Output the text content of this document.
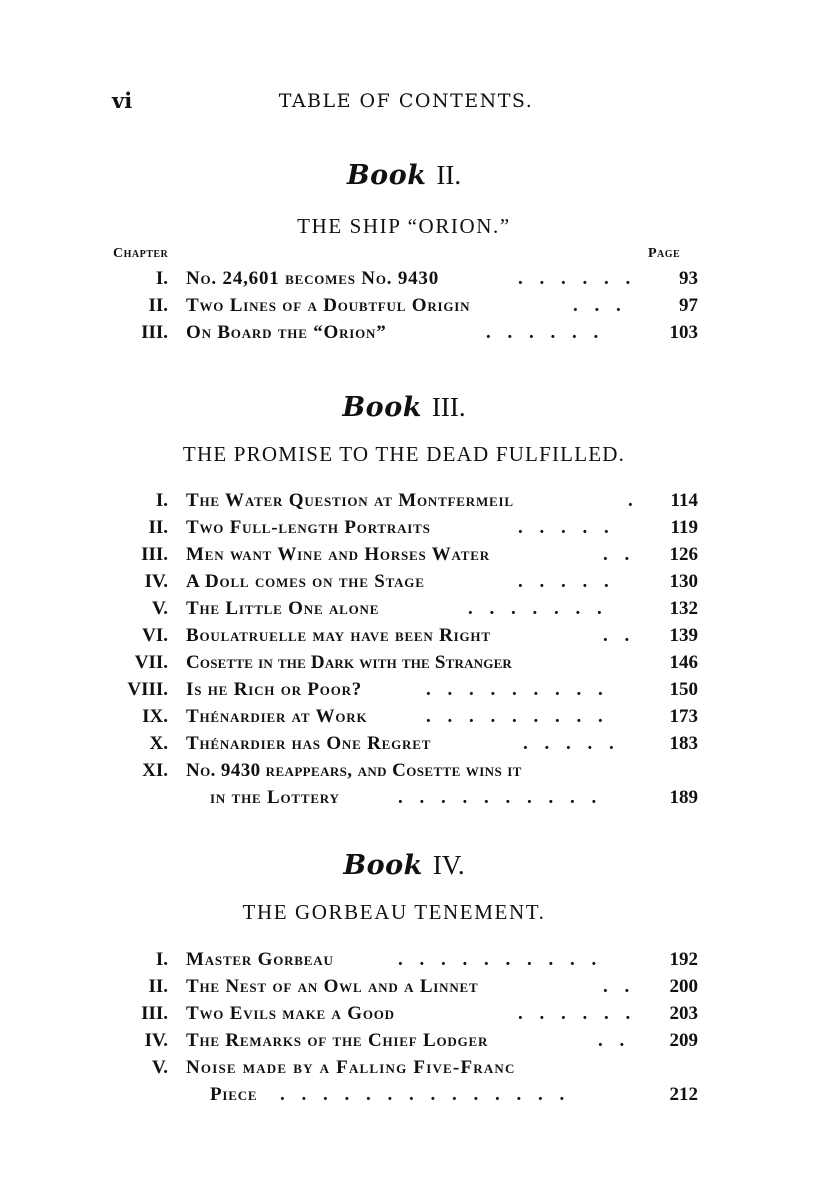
vi	TABLE OF CONTENTS.
Book II.
THE SHIP “ORION.”
Chapter	Page
I. No. 24,601 becomes No. 9430	. . . . . .	93
II. Two Lines of a Doubtful Origin	. . .	97
III. On Board the “Orion”	. . . . . .	103
Book III.
THE PROMISE TO THE DEAD FULFILLED.
I. The Water Question at Montfermeil	.	114
II. Two Full-length Portraits	. . . . .	119
III. Men want Wine and Horses Water	. .	126
IV. A Doll comes on the Stage	. . . . .	130
V. The Little One alone	. . . . . . .	132
VI. Boulatruelle may have been Right	. .	139
VII. Cosette in the Dark with the Stranger	146
VIII. Is he Rich or Poor?	. . . . . . . . .	150
IX. Thénardier at Work	. . . . . . . . .	173
X. Thénardier has One Regret	. . . . .	183
XI. No. 9430 reappears, and Cosette wins it
in the Lottery	. . . . . . . . . .	189
Book IV.
THE GORBEAU TENEMENT.
I. Master Gorbeau	. . . . . . . . . .	192
II. The Nest of an Owl and a Linnet	. .	200
III. Two Evils make a Good	. . . . . .	203
IV. The Remarks of the Chief Lodger	. .	209
V. Noise made by a Falling Five-Franc
Piece . . . . . . . . . . . . . .	212
